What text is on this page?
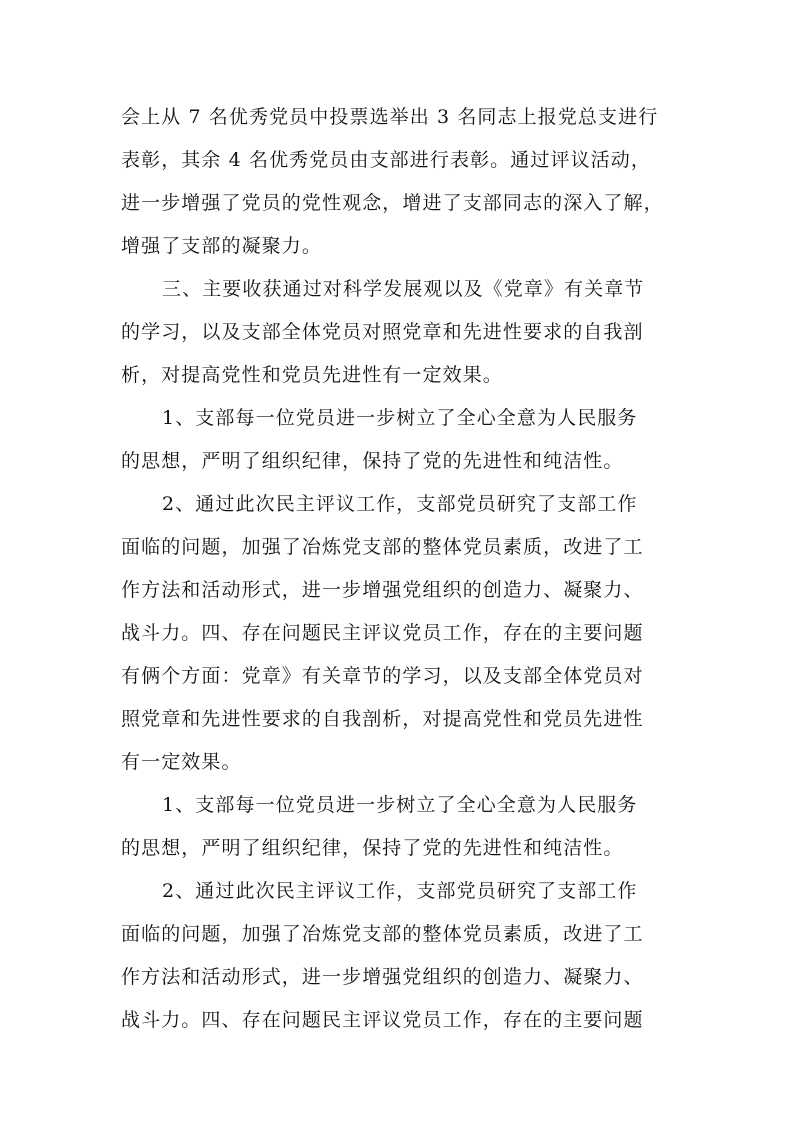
会上从 7 名优秀党员中投票选举出 3 名同志上报党总支进行
表彰，其余 4 名优秀党员由支部进行表彰。通过评议活动，
进一步增强了党员的党性观念，增进了支部同志的深入了解，
增强了支部的凝聚力。
三、主要收获通过对科学发展观以及《党章》有关章节
的学习，以及支部全体党员对照党章和先进性要求的自我剖
析，对提高党性和党员先进性有一定效果。
1、支部每一位党员进一步树立了全心全意为人民服务
的思想，严明了组织纪律，保持了党的先进性和纯洁性。
2、通过此次民主评议工作，支部党员研究了支部工作
面临的问题，加强了冶炼党支部的整体党员素质，改进了工
作方法和活动形式，进一步增强党组织的创造力、凝聚力、
战斗力。四、存在问题民主评议党员工作，存在的主要问题
有俩个方面：党章》有关章节的学习，以及支部全体党员对
照党章和先进性要求的自我剖析，对提高党性和党员先进性
有一定效果。
1、支部每一位党员进一步树立了全心全意为人民服务
的思想，严明了组织纪律，保持了党的先进性和纯洁性。
2、通过此次民主评议工作，支部党员研究了支部工作
面临的问题，加强了冶炼党支部的整体党员素质，改进了工
作方法和活动形式，进一步增强党组织的创造力、凝聚力、
战斗力。四、存在问题民主评议党员工作，存在的主要问题
